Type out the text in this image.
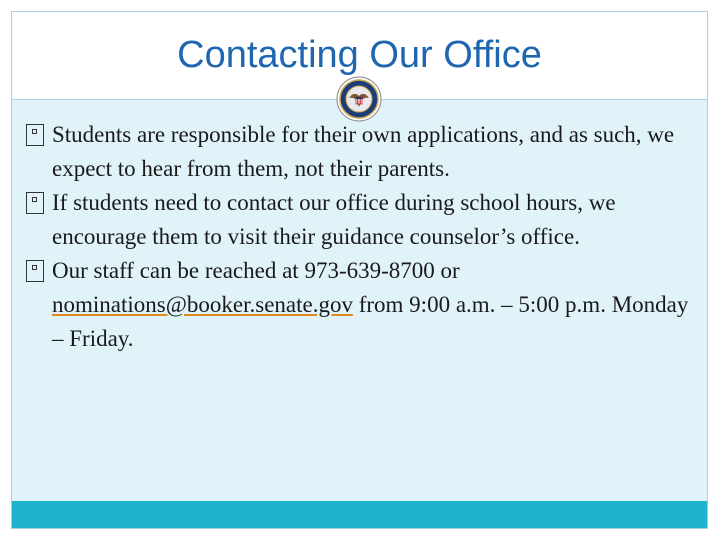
Contacting Our Office
Students are responsible for their own applications, and as such, we expect to hear from them, not their parents.
If students need to contact our office during school hours, we encourage them to visit their guidance counselor’s office.
Our staff can be reached at 973-639-8700 or nominations@booker.senate.gov from 9:00 a.m. – 5:00 p.m. Monday – Friday.
